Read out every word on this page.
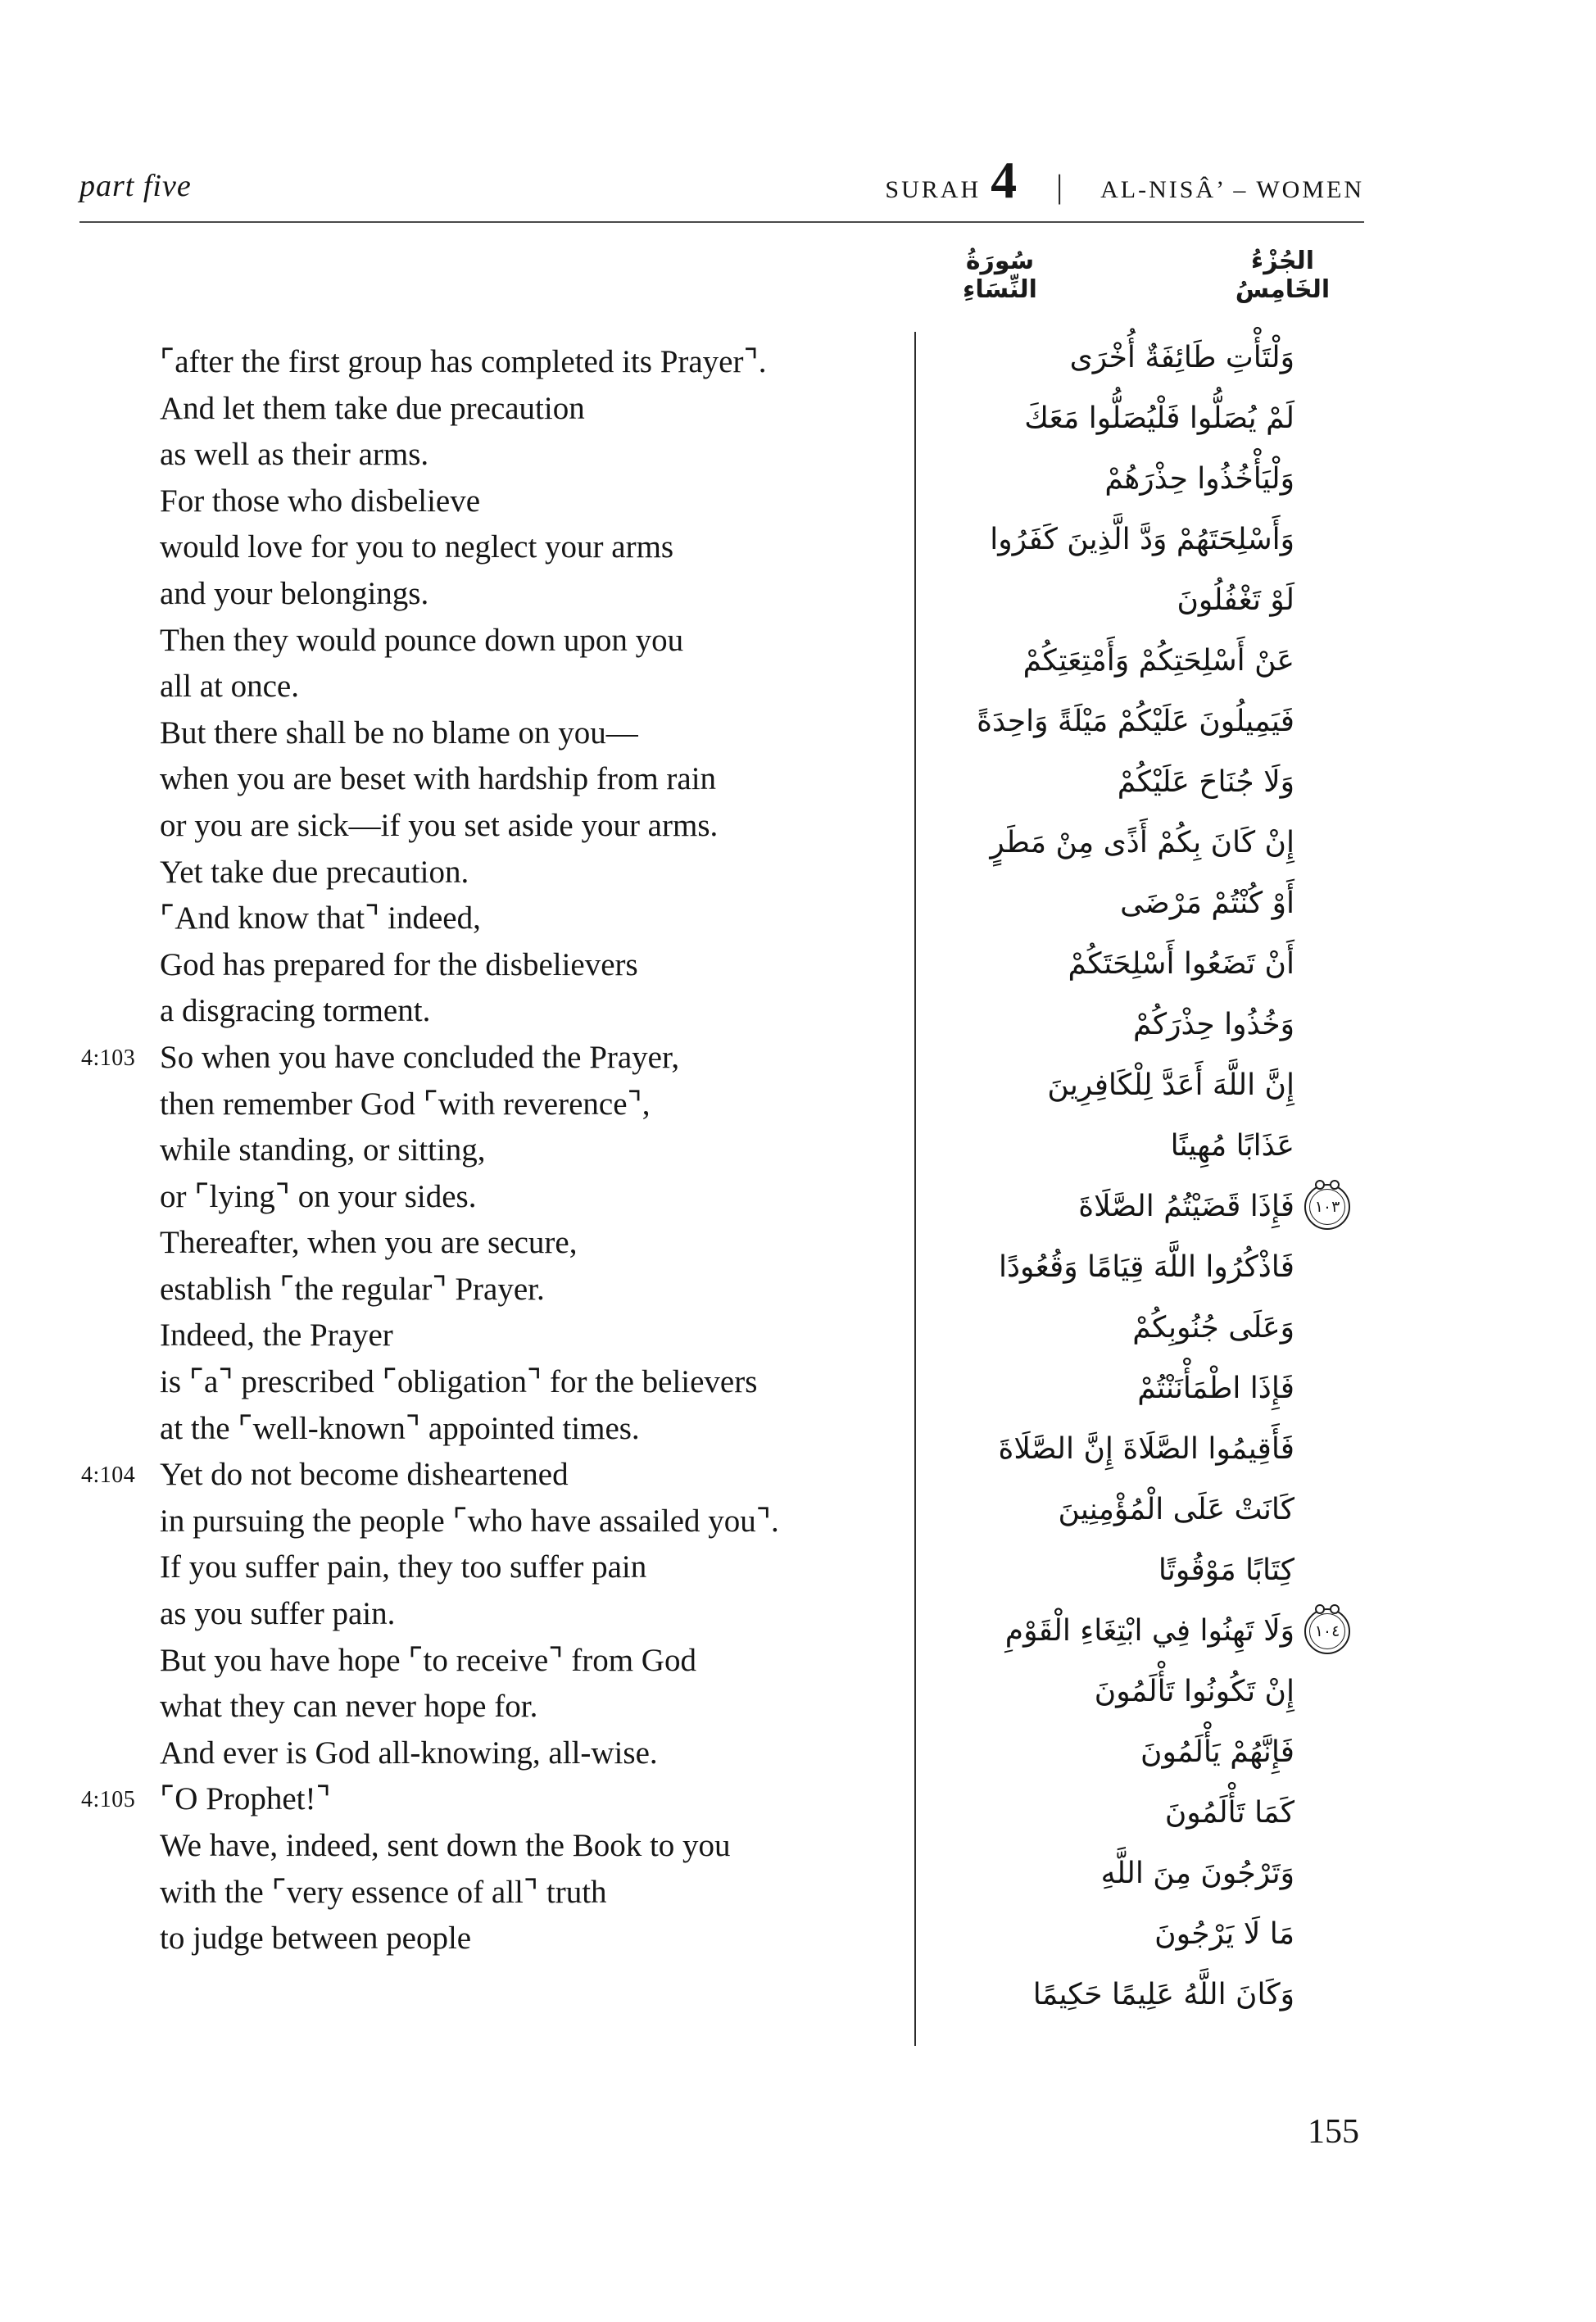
part five	SURAH 4 | AL-NISÂ’ – WOMEN
سُورَةُ النِّسَاءِ
الجُزْءُ الخَامِسُ
⌜after the first group has completed its Prayer⌝.
And let them take due precaution
as well as their arms.
For those who disbelieve
would love for you to neglect your arms
and your belongings.
Then they would pounce down upon you
all at once.
But there shall be no blame on you—
when you are beset with hardship from rain
or you are sick—if you set aside your arms.
Yet take due precaution.
⌜And know that⌝ indeed,
God has prepared for the disbelievers
a disgracing torment.
4:103 So when you have concluded the Prayer,
then remember God ⌜with reverence⌝,
while standing, or sitting,
or ⌜lying⌝ on your sides.
Thereafter, when you are secure,
establish ⌜the regular⌝ Prayer.
Indeed, the Prayer
is ⌜a⌝ prescribed ⌜obligation⌝ for the believers
at the ⌜well-known⌝ appointed times.
4:104 Yet do not become disheartened
in pursuing the people ⌜who have assailed you⌝.
If you suffer pain, they too suffer pain
as you suffer pain.
But you have hope ⌜to receive⌝ from God
what they can never hope for.
And ever is God all-knowing, all-wise.
4:105 ⌜O Prophet!⌝
We have, indeed, sent down the Book to you
with the ⌜very essence of all⌝ truth
to judge between people
وَلْتَأْتِ طَائِفَةٌ أُخْرَى
لَمْ يُصَلُّوا فَلْيُصَلُّوا مَعَكَ
وَلْيَأْخُذُوا حِذْرَهُمْ
وَأَسْلِحَتَهُمْ وَدَّ الَّذِينَ كَفَرُوا
لَوْ تَغْفُلُونَ
عَنْ أَسْلِحَتِكُمْ وَأَمْتِعَتِكُمْ
فَيَمِيلُونَ عَلَيْكُمْ مَيْلَةً وَاحِدَةً
وَلَا جُنَاحَ عَلَيْكُمْ
إِنْ كَانَ بِكُمْ أَذًى مِنْ مَطَرٍ
أَوْ كُنْتُمْ مَرْضَى
أَنْ تَضَعُوا أَسْلِحَتَكُمْ
وَخُذُوا حِذْرَكُمْ
إِنَّ اللَّهَ أَعَدَّ لِلْكَافِرِينَ
عَذَابًا مُهِينًا
فَإِذَا قَضَيْتُمُ الصَّلَاةَ	١٠٣
فَاذْكُرُوا اللَّهَ قِيَامًا وَقُعُودًا
وَعَلَى جُنُوبِكُمْ
فَإِذَا اطْمَأْنَنْتُمْ
فَأَقِيمُوا الصَّلَاةَ إِنَّ الصَّلَاةَ
كَانَتْ عَلَى الْمُؤْمِنِينَ
كِتَابًا مَوْقُوتًا
وَلَا تَهِنُوا فِي ابْتِغَاءِ الْقَوْمِ	١٠٤
إِنْ تَكُونُوا تَأْلَمُونَ
فَإِنَّهُمْ يَأْلَمُونَ
كَمَا تَأْلَمُونَ
وَتَرْجُونَ مِنَ اللَّهِ
مَا لَا يَرْجُونَ
وَكَانَ اللَّهُ عَلِيمًا حَكِيمًا
155
